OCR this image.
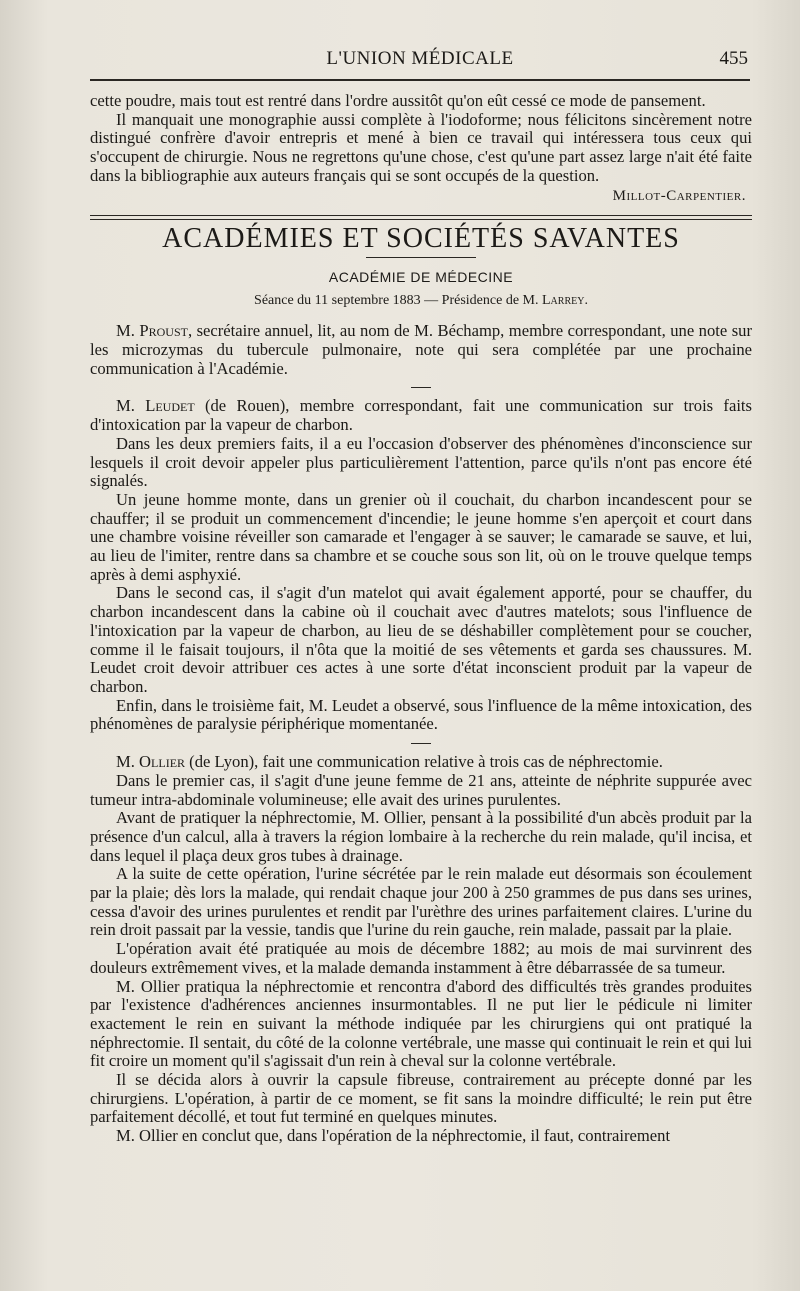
L'UNION MÉDICALE	455

cette poudre, mais tout est rentré dans l'ordre aussitôt qu'on eût cessé ce mode de pansement.

Il manquait une monographie aussi complète à l'iodoforme; nous félicitons sincèrement notre distingué confrère d'avoir entrepris et mené à bien ce travail qui intéressera tous ceux qui s'occupent de chirurgie. Nous ne regrettons qu'une chose, c'est qu'une part assez large n'ait été faite dans la bibliographie aux auteurs français qui se sont occupés de la question.

Millot-Carpentier.
ACADÉMIES ET SOCIÉTÉS SAVANTES
ACADÉMIE DE MÉDECINE
Séance du 11 septembre 1883 — Présidence de M. Larrey.

M. Proust, secrétaire annuel, lit, au nom de M. Béchamp, membre correspondant, une note sur les microzymas du tubercule pulmonaire, note qui sera complétée par une prochaine communication à l'Académie.

M. Leudet (de Rouen), membre correspondant, fait une communication sur trois faits d'intoxication par la vapeur de charbon.

Dans les deux premiers faits, il a eu l'occasion d'observer des phénomènes d'inconscience sur lesquels il croit devoir appeler plus particulièrement l'attention, parce qu'ils n'ont pas encore été signalés.

Un jeune homme monte, dans un grenier où il couchait, du charbon incandescent pour se chauffer; il se produit un commencement d'incendie; le jeune homme s'en aperçoit et court dans une chambre voisine réveiller son camarade et l'engager à se sauver; le camarade se sauve, et lui, au lieu de l'imiter, rentre dans sa chambre et se couche sous son lit, où on le trouve quelque temps après à demi asphyxié.

Dans le second cas, il s'agit d'un matelot qui avait également apporté, pour se chauffer, du charbon incandescent dans la cabine où il couchait avec d'autres matelots; sous l'influence de l'intoxication par la vapeur de charbon, au lieu de se déshabiller complètement pour se coucher, comme il le faisait toujours, il n'ôta que la moitié de ses vêtements et garda ses chaussures. M. Leudet croit devoir attribuer ces actes à une sorte d'état inconscient produit par la vapeur de charbon.

Enfin, dans le troisième fait, M. Leudet a observé, sous l'influence de la même intoxication, des phénomènes de paralysie périphérique momentanée.

M. Ollier (de Lyon), fait une communication relative à trois cas de néphrectomie.

Dans le premier cas, il s'agit d'une jeune femme de 21 ans, atteinte de néphrite suppurée avec tumeur intra-abdominale volumineuse; elle avait des urines purulentes.

Avant de pratiquer la néphrectomie, M. Ollier, pensant à la possibilité d'un abcès produit par la présence d'un calcul, alla à travers la région lombaire à la recherche du rein malade, qu'il incisa, et dans lequel il plaça deux gros tubes à drainage.

A la suite de cette opération, l'urine sécrétée par le rein malade eut désormais son écoulement par la plaie; dès lors la malade, qui rendait chaque jour 200 à 250 grammes de pus dans ses urines, cessa d'avoir des urines purulentes et rendit par l'urèthre des urines parfaitement claires. L'urine du rein droit passait par la vessie, tandis que l'urine du rein gauche, rein malade, passait par la plaie.

L'opération avait été pratiquée au mois de décembre 1882; au mois de mai survinrent des douleurs extrêmement vives, et la malade demanda instamment à être débarrassée de sa tumeur.

M. Ollier pratiqua la néphrectomie et rencontra d'abord des difficultés très grandes produites par l'existence d'adhérences anciennes insurmontables. Il ne put lier le pédicule ni limiter exactement le rein en suivant la méthode indiquée par les chirurgiens qui ont pratiqué la néphrectomie. Il sentait, du côté de la colonne vertébrale, une masse qui continuait le rein et qui lui fit croire un moment qu'il s'agissait d'un rein à cheval sur la colonne vertébrale.

Il se décida alors à ouvrir la capsule fibreuse, contrairement au précepte donné par les chirurgiens. L'opération, à partir de ce moment, se fit sans la moindre difficulté; le rein put être parfaitement décollé, et tout fut terminé en quelques minutes.

M. Ollier en conclut que, dans l'opération de la néphrectomie, il faut, contrairement
